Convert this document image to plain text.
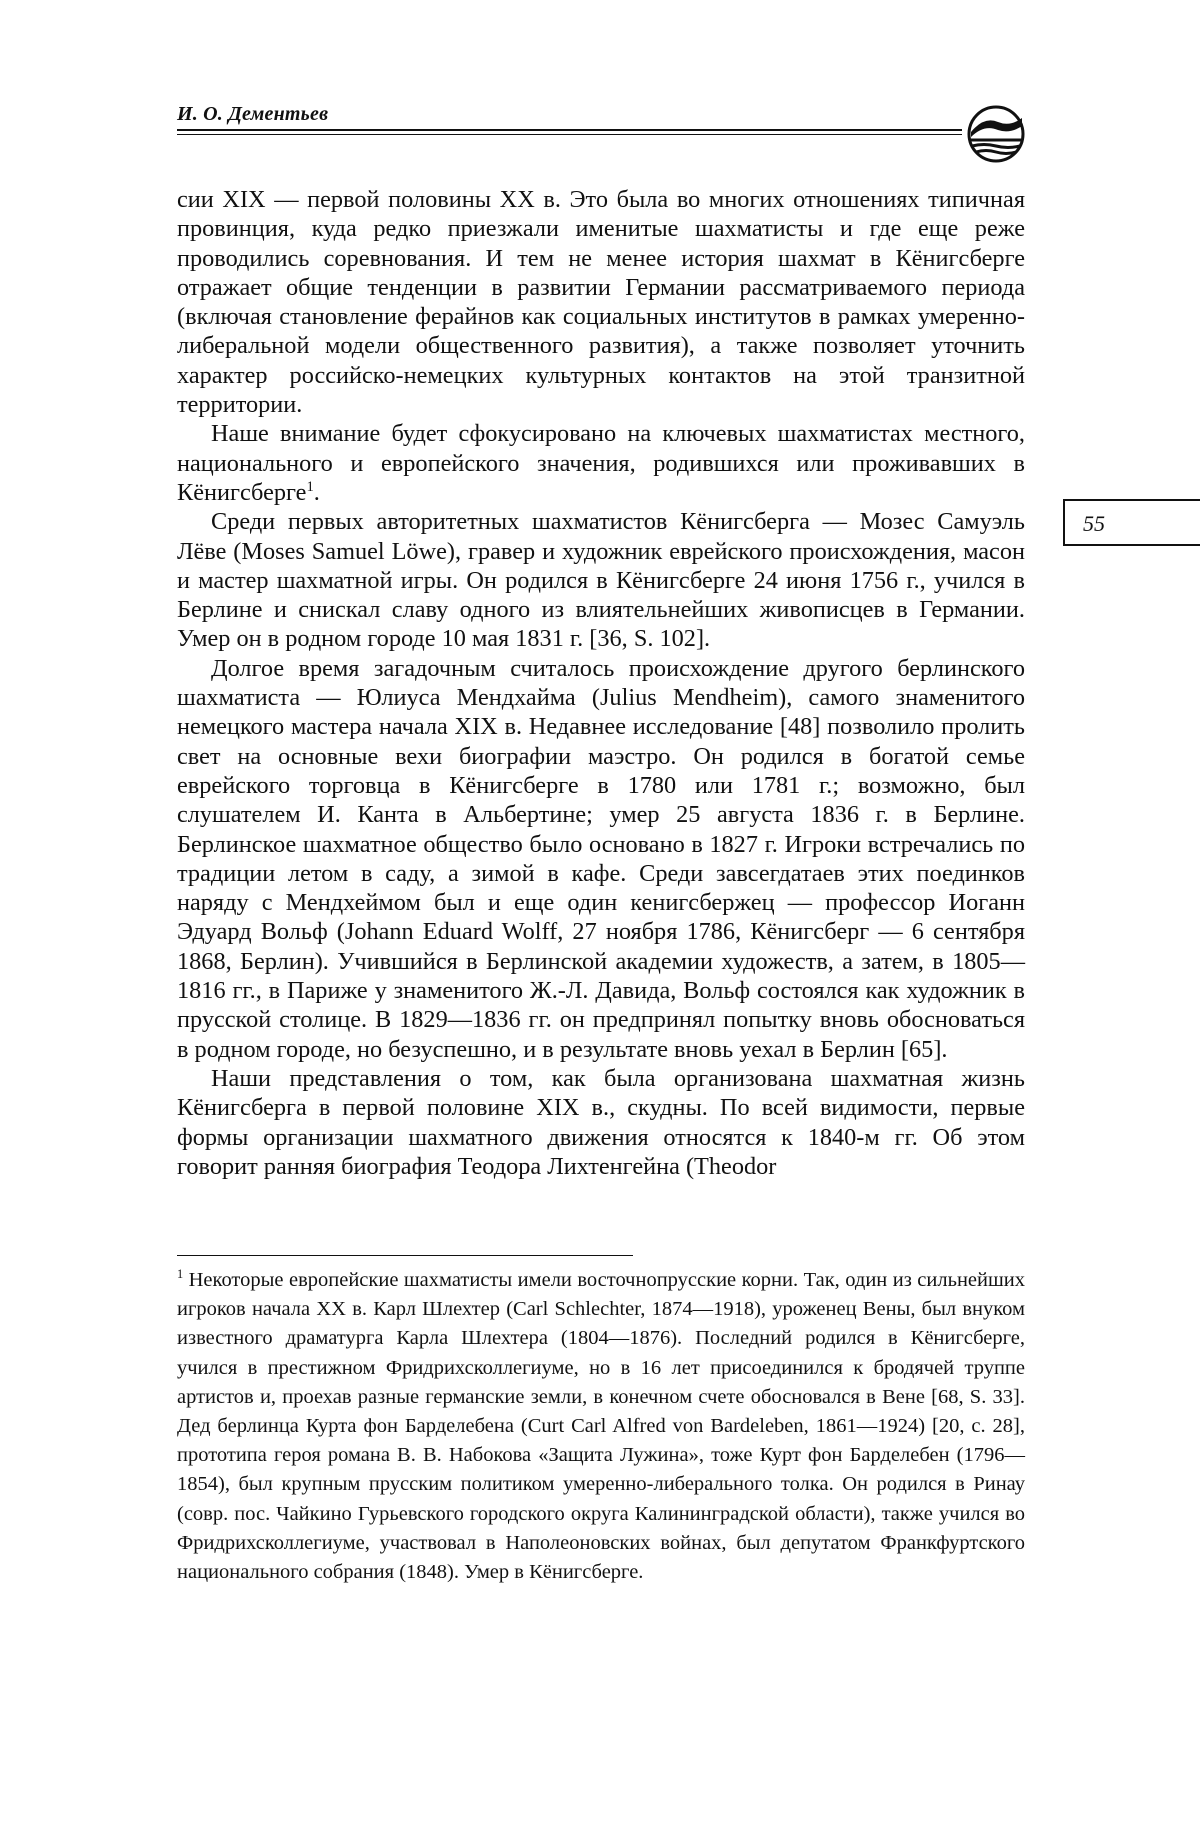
И. О. Дементьев
55

сии XIX — первой половины XX в. Это была во многих отношениях типичная провинция, куда редко приезжали именитые шахматисты и где еще реже проводились соревнования. И тем не менее история шахмат в Кёнигсберге отражает общие тенденции в развитии Германии рассматриваемого периода (включая становление ферайнов как социальных институтов в рамках умеренно-либеральной модели общественного развития), а также позволяет уточнить характер российско-немецких культурных контактов на этой транзитной территории.

Наше внимание будет сфокусировано на ключевых шахматистах местного, национального и европейского значения, родившихся или проживавших в Кёнигсберге$^1$.

Среди первых авторитетных шахматистов Кёнигсберга — Мозес Самуэль Лёве (Moses Samuel Löwe), гравер и художник еврейского происхождения, масон и мастер шахматной игры. Он родился в Кёнигсберге 24 июня 1756 г., учился в Берлине и снискал славу одного из влиятельнейших живописцев в Германии. Умер он в родном городе 10 мая 1831 г. [36, S. 102].

Долгое время загадочным считалось происхождение другого берлинского шахматиста — Юлиуса Мендхайма (Julius Mendheim), самого знаменитого немецкого мастера начала XIX в. Недавнее исследование [48] позволило пролить свет на основные вехи биографии маэстро. Он родился в богатой семье еврейского торговца в Кёнигсберге в 1780 или 1781 г.; возможно, был слушателем И. Канта в Альбертине; умер 25 августа 1836 г. в Берлине. Берлинское шахматное общество было основано в 1827 г. Игроки встречались по традиции летом в саду, а зимой в кафе. Среди завсегдатаев этих поединков наряду с Мендхеймом был и еще один кенигсбержец — профессор Иоганн Эдуард Вольф (Johann Eduard Wolff, 27 ноября 1786, Кёнигсберг — 6 сентября 1868, Берлин). Учившийся в Берлинской академии художеств, а затем, в 1805—1816 гг., в Париже у знаменитого Ж.-Л. Давида, Вольф состоялся как художник в прусской столице. В 1829—1836 гг. он предпринял попытку вновь обосноваться в родном городе, но безуспешно, и в результате вновь уехал в Берлин [65].

Наши представления о том, как была организована шахматная жизнь Кёнигсберга в первой половине XIX в., скудны. По всей видимости, первые формы организации шахматного движения относятся к 1840-м гг. Об этом говорит ранняя биография Теодора Лихтенгейна (Theodor

$^1$ Некоторые европейские шахматисты имели восточнопрусские корни. Так, один из сильнейших игроков начала XX в. Карл Шлехтер (Carl Schlechter, 1874—1918), уроженец Вены, был внуком известного драматурга Карла Шлехтера (1804—1876). Последний родился в Кёнигсберге, учился в престижном Фридрихсколлегиуме, но в 16 лет присоединился к бродячей труппе артистов и, проехав разные германские земли, в конечном счете обосновался в Вене [68, S. 33]. Дед берлинца Курта фон Барделебена (Curt Carl Alfred von Bardeleben, 1861—1924) [20, с. 28], прототипа героя романа В. В. Набокова «Защита Лужина», тоже Курт фон Барделебен (1796—1854), был крупным прусским политиком умеренно-либерального толка. Он родился в Ринау (совр. пос. Чайкино Гурьевского городского округа Калининградской области), также учился во Фридрихсколлегиуме, участвовал в Наполеоновских войнах, был депутатом Франкфуртского национального собрания (1848). Умер в Кёнигсберге.
